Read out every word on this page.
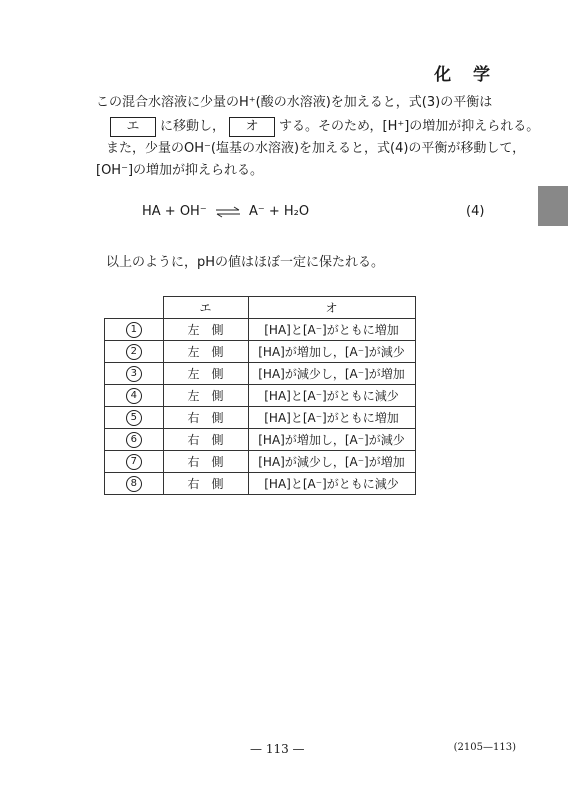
化 学
この混合水溶液に少量のH⁺(酸の水溶液)を加えると，式(3)の平衡は
エ に移動し， オ する。そのため，[H⁺]の増加が抑えられる。
また，少量のOH⁻(塩基の水溶液)を加えると，式(4)の平衡が移動して，
[OH⁻]の増加が抑えられる。
HA + OH⁻ ⇌ A⁻ + H₂O	(4)
以上のように，pHの値はほぼ一定に保たれる。
	エ	オ
1	左　側	[HA]と[A⁻]がともに増加
2	左　側	[HA]が増加し，[A⁻]が減少
3	左　側	[HA]が減少し，[A⁻]が増加
4	左　側	[HA]と[A⁻]がともに減少
5	右　側	[HA]と[A⁻]がともに増加
6	右　側	[HA]が増加し，[A⁻]が減少
7	右　側	[HA]が減少し，[A⁻]が増加
8	右　側	[HA]と[A⁻]がともに減少
— 113 —	(2105—113)
